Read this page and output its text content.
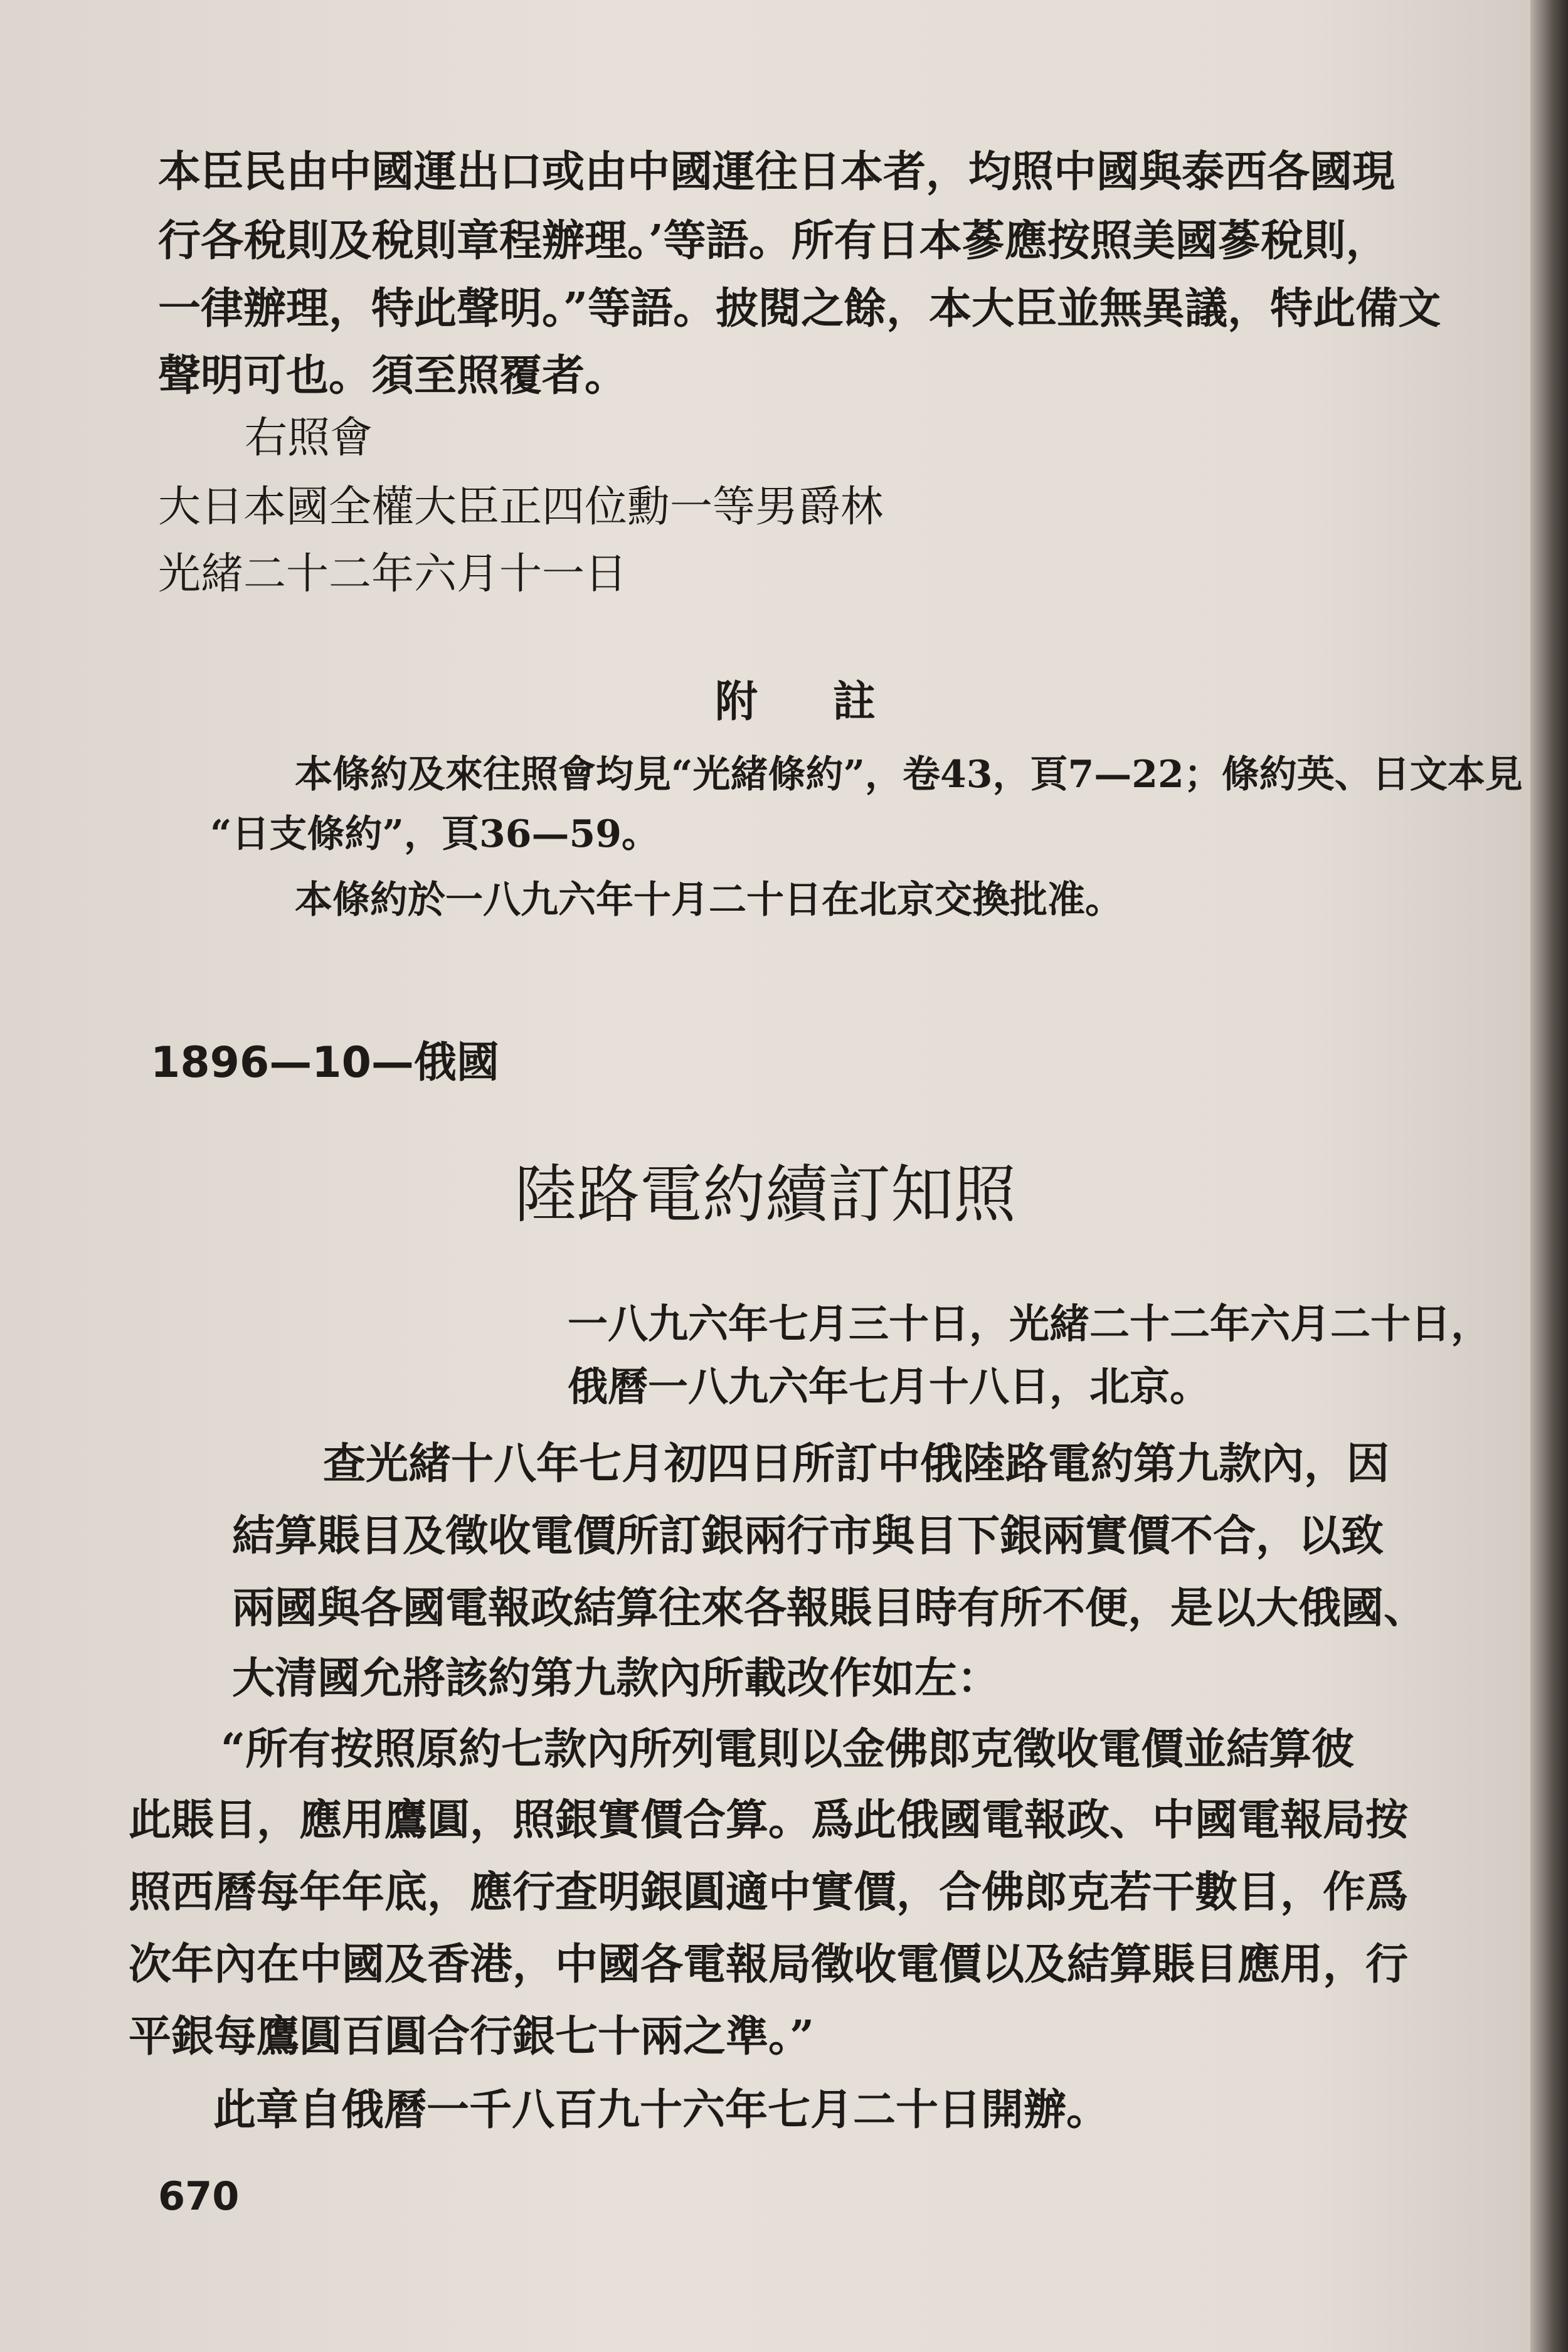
本臣民由中國運出口或由中國運往日本者，均照中國與泰西各國現
行各稅則及稅則章程辦理。’等語。所有日本蔘應按照美國蔘稅則，
一律辦理，特此聲明。”等語。披閱之餘，本大臣並無異議，特此備文
聲明可也。須至照覆者。
右照會
大日本國全權大臣正四位勳一等男爵林
光緒二十二年六月十一日
附註
本條約及來往照會均見“光緒條約”，卷43，頁7—22；條約英、日文本見
“日支條約”，頁36—59。
本條約於一八九六年十月二十日在北京交換批准。
1896—10—俄國
陸路電約續訂知照
一八九六年七月三十日，光緒二十二年六月二十日，
俄曆一八九六年七月十八日，北京。
查光緒十八年七月初四日所訂中俄陸路電約第九款內，因
結算賬目及徵收電價所訂銀兩行市與目下銀兩實價不合，以致
兩國與各國電報政結算往來各報賬目時有所不便，是以大俄國、
大清國允將該約第九款內所載改作如左：
“所有按照原約七款內所列電則以金佛郎克徵收電價並結算彼
此賬目，應用鷹圓，照銀實價合算。爲此俄國電報政、中國電報局按
照西曆每年年底，應行查明銀圓適中實價，合佛郎克若干數目，作爲
次年內在中國及香港，中國各電報局徵收電價以及結算賬目應用，行
平銀每鷹圓百圓合行銀七十兩之準。”
此章自俄曆一千八百九十六年七月二十日開辦。
670
